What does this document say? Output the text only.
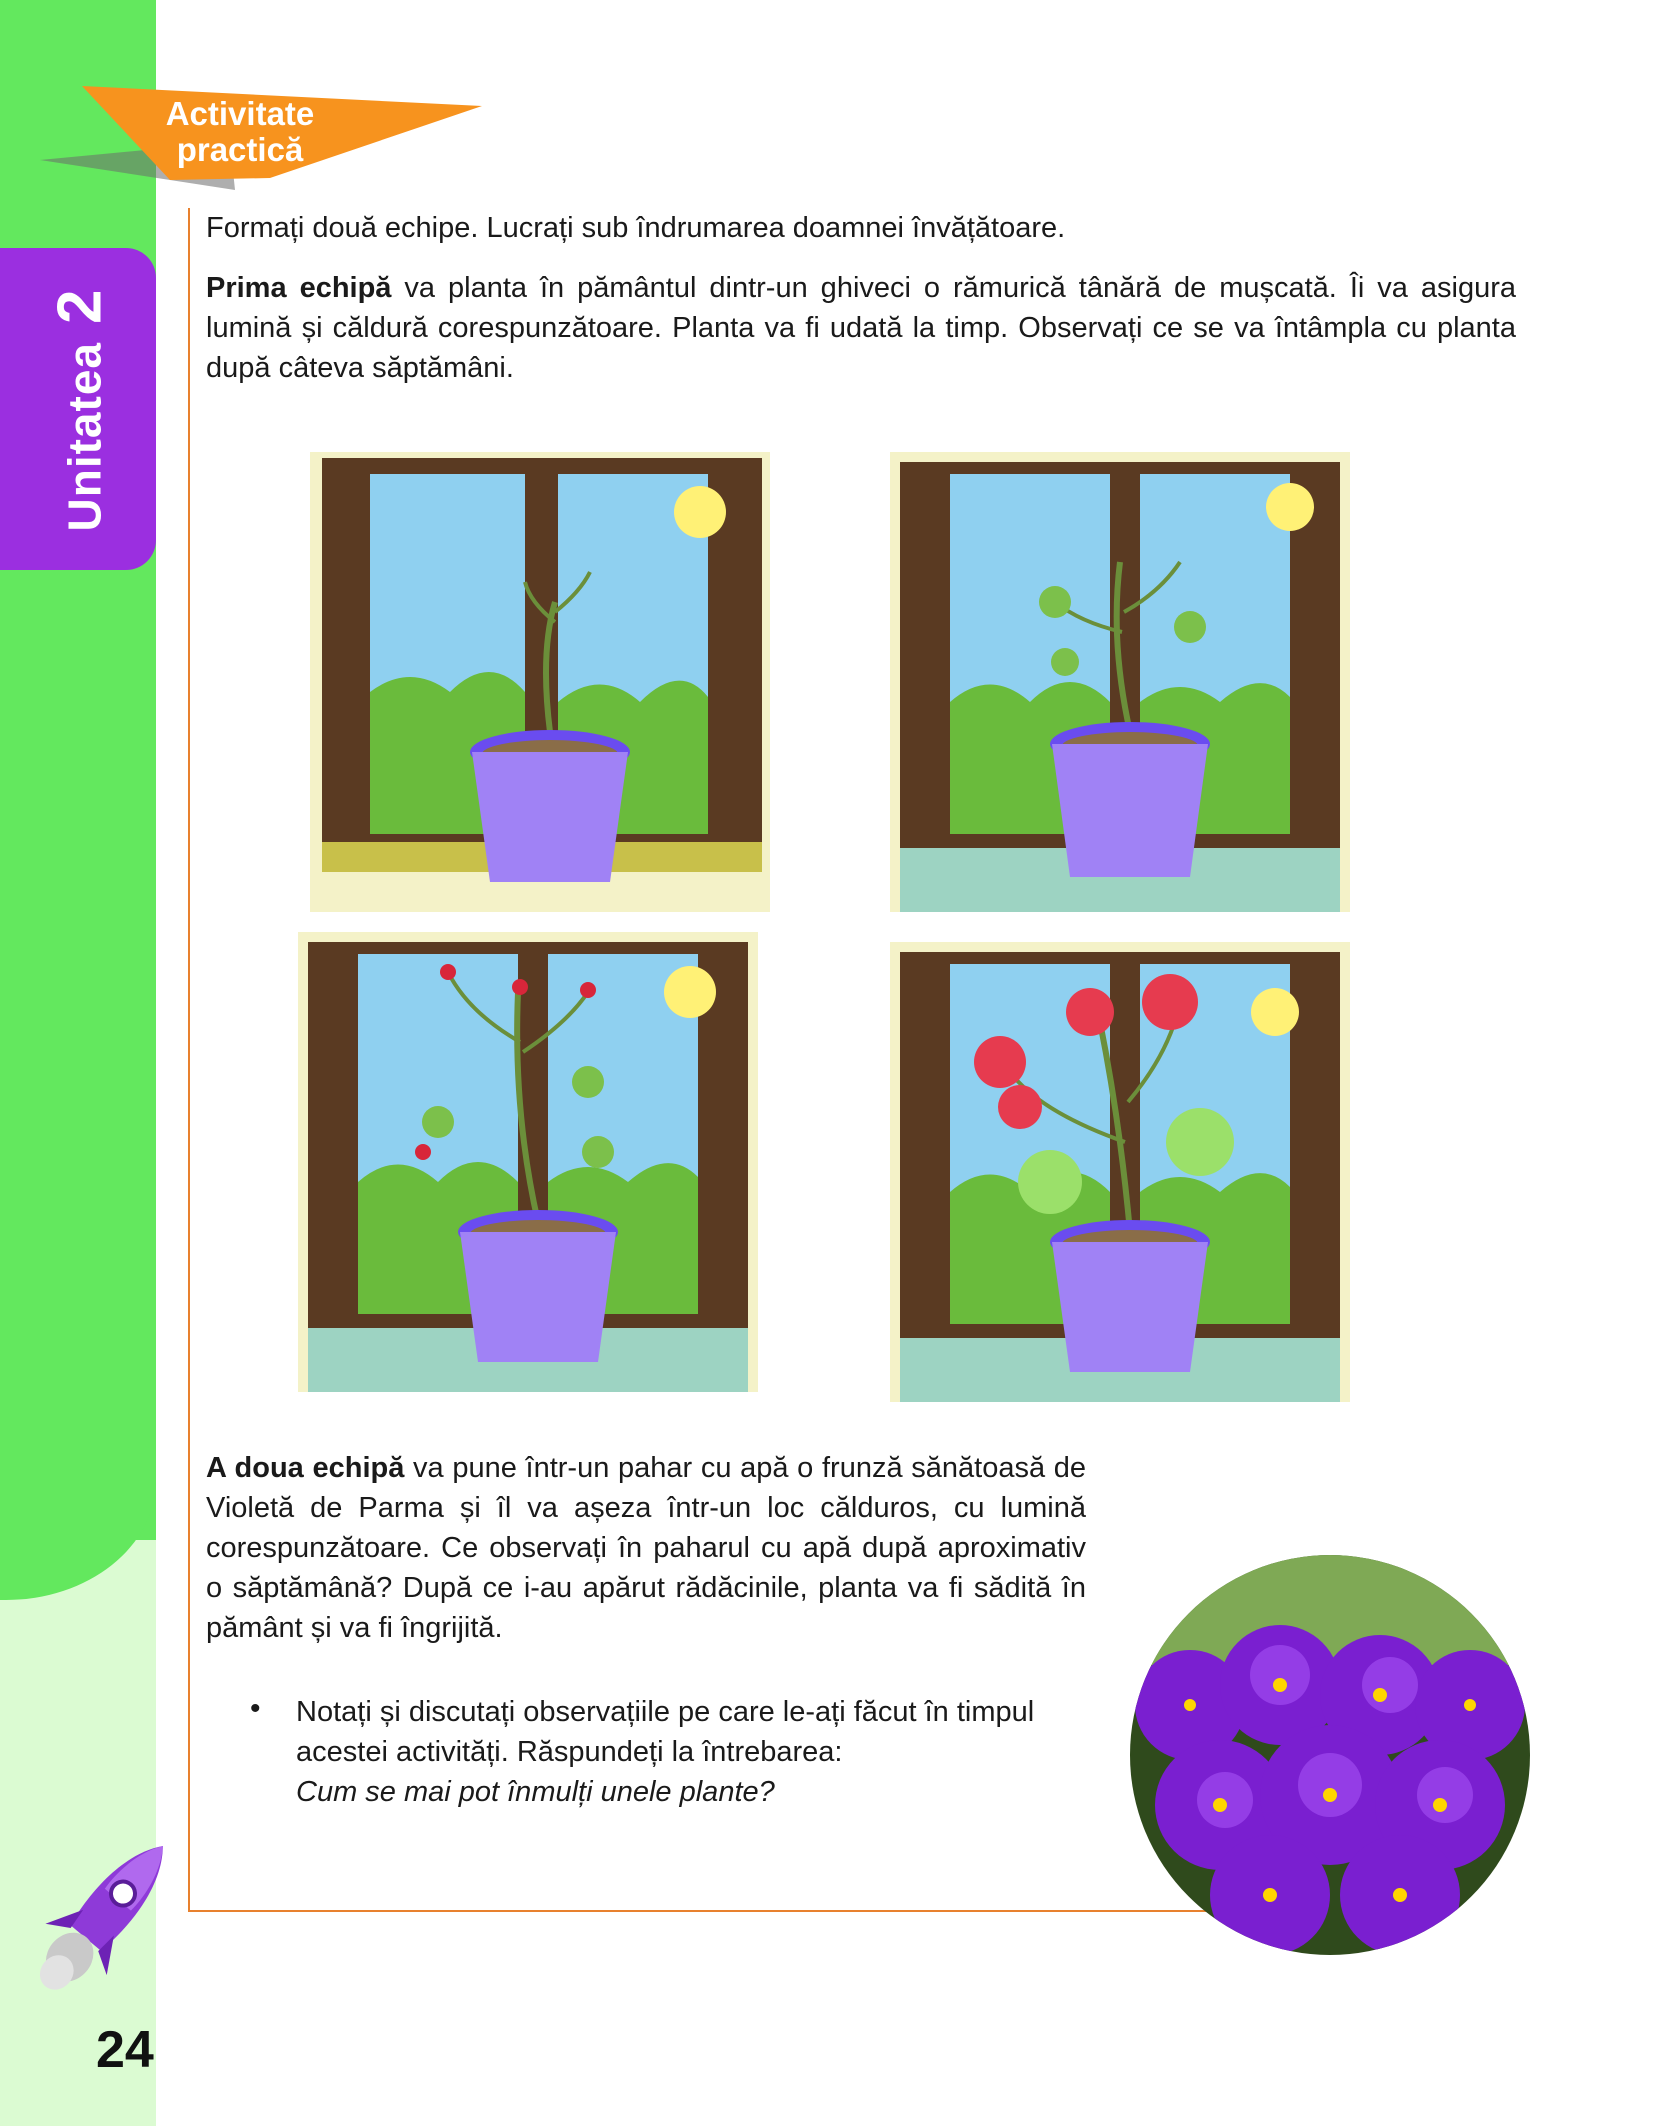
Unitatea2
24
Activitate
practică

Formați două echipe. Lucrați sub îndrumarea doamnei învățătoare.

Prima echipă va planta în pământul dintr-un ghiveci o rămurică tânără de mușcată. Îi va asigura lumină și căldură corespunzătoare. Planta va fi udată la timp. Observați ce se va întâmpla cu planta după câteva săptămâni.

A doua echipă va pune într-un pahar cu apă o frunză sănătoasă de Violetă de Parma și îl va așeza într-un loc călduros, cu lumină corespunzătoare. Ce observați în paharul cu apă după aproximativ o săptămână? După ce i-au apărut rădăcinile, planta va fi sădită în pământ și va fi îngrijită.

• Notați și discutați observațiile pe care le-ați făcut în timpul acestei activități. Răspundeți la întrebarea:
Cum se mai pot înmulți unele plante?
